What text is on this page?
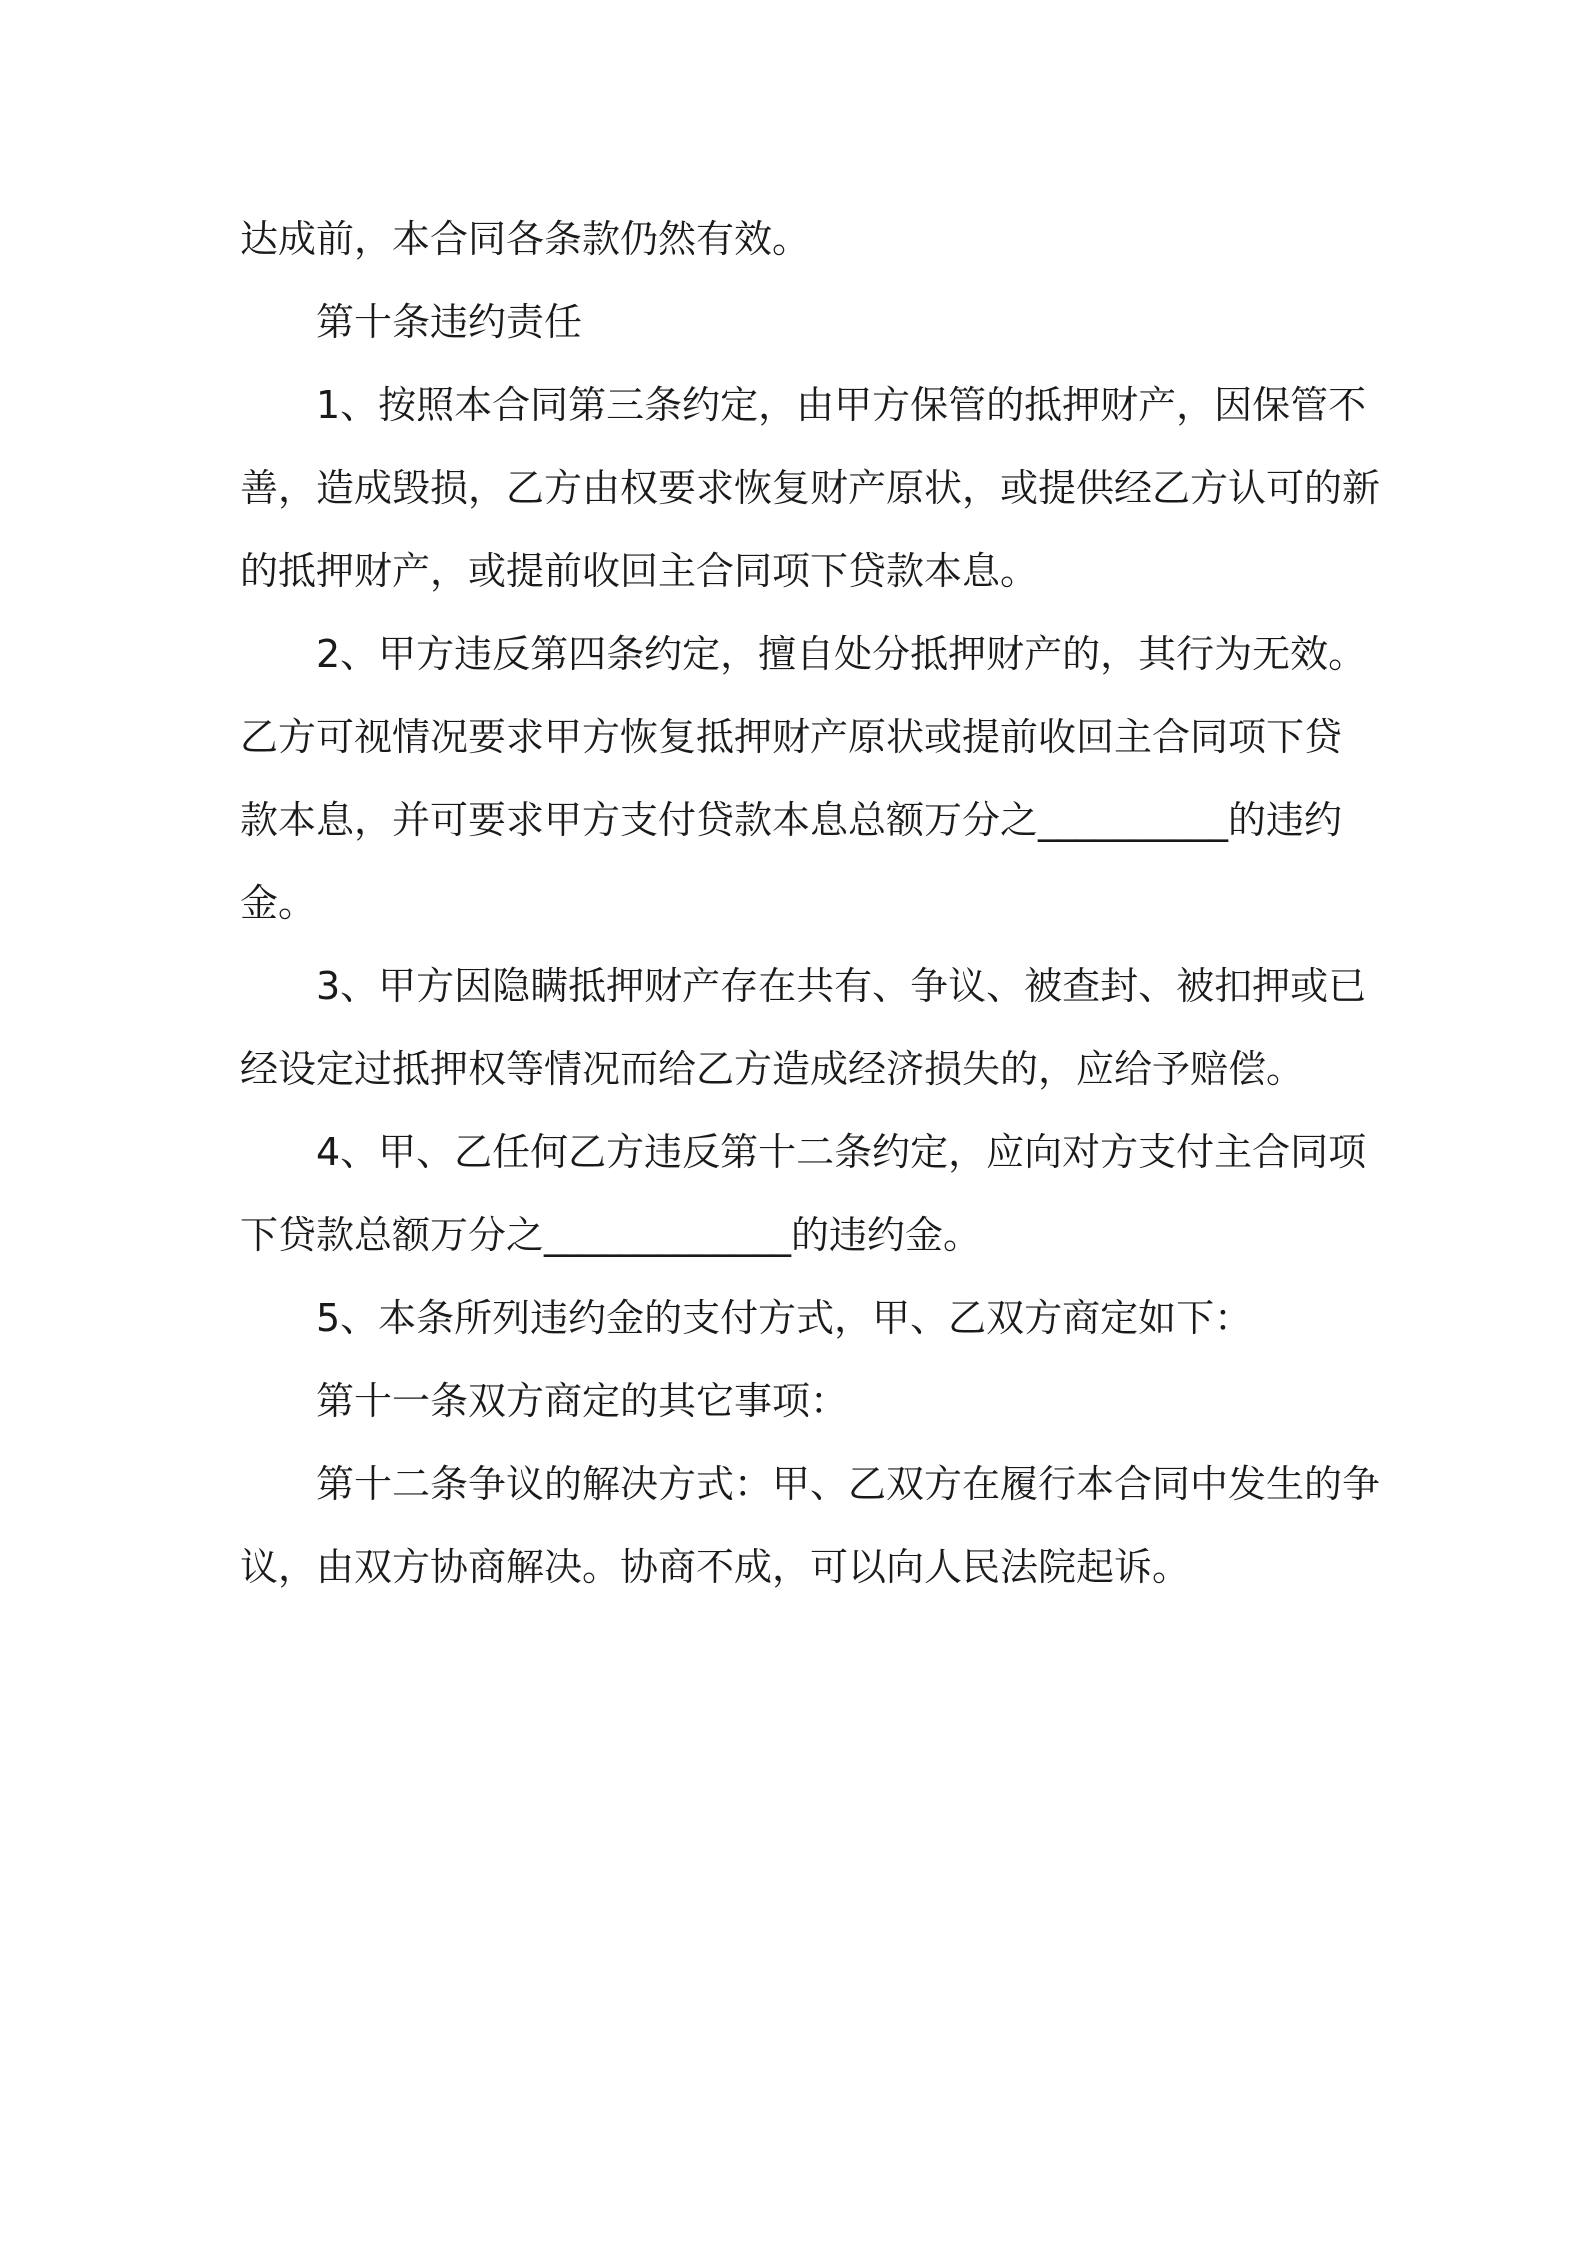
达成前，本合同各条款仍然有效。
第十条违约责任
1、按照本合同第三条约定，由甲方保管的抵押财产，因保管不
善，造成毁损，乙方由权要求恢复财产原状，或提供经乙方认可的新
的抵押财产，或提前收回主合同项下贷款本息。
2、甲方违反第四条约定，擅自处分抵押财产的，其行为无效。
乙方可视情况要求甲方恢复抵押财产原状或提前收回主合同项下贷
款本息，并可要求甲方支付贷款本息总额万分之__________的违约
金。
3、甲方因隐瞒抵押财产存在共有、争议、被查封、被扣押或已
经设定过抵押权等情况而给乙方造成经济损失的，应给予赔偿。
4、甲、乙任何乙方违反第十二条约定，应向对方支付主合同项
下贷款总额万分之_____________的违约金。
5、本条所列违约金的支付方式，甲、乙双方商定如下：
第十一条双方商定的其它事项：
第十二条争议的解决方式：甲、乙双方在履行本合同中发生的争
议，由双方协商解决。协商不成，可以向人民法院起诉。
